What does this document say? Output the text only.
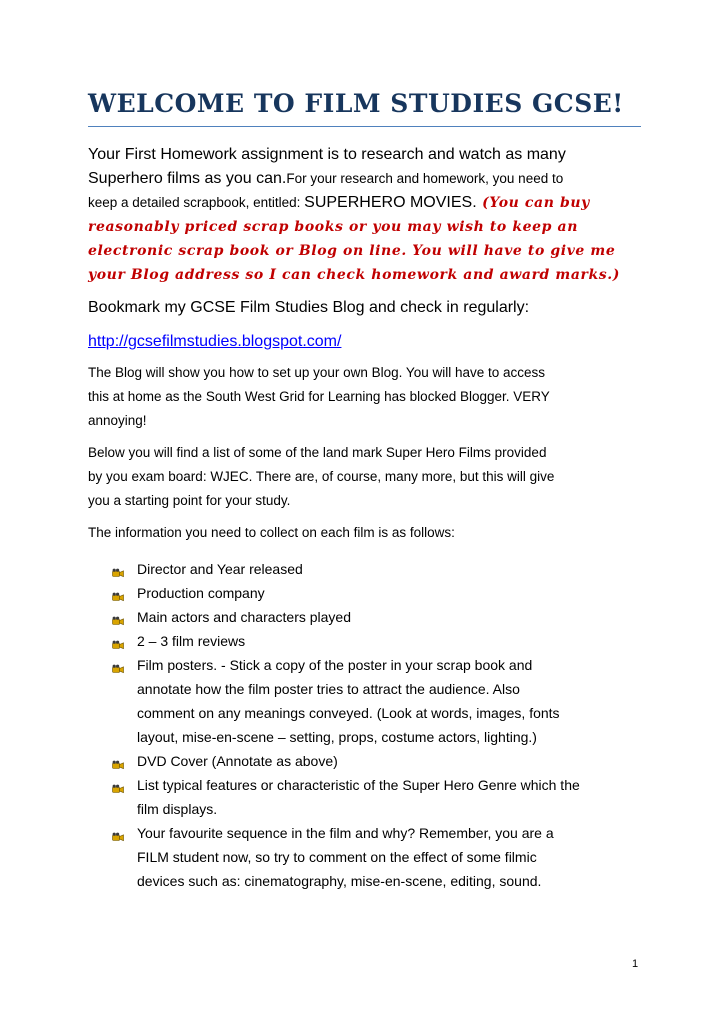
WELCOME TO FILM STUDIES GCSE!
Your First Homework assignment is to research and watch as many
Superhero films as you can.For your research and homework, you need to
keep a detailed scrapbook, entitled: SUPERHERO MOVIES. (You can buy
reasonably priced scrap books or you may wish to keep an
electronic scrap book or Blog on line. You will have to give me
your Blog address so I can check homework and award marks.)
Bookmark my GCSE Film Studies Blog and check in regularly:
http://gcsefilmstudies.blogspot.com/
The Blog will show you how to set up your own Blog. You will have to access
this at home as the South West Grid for Learning has blocked Blogger. VERY
annoying!
Below you will find a list of some of the land mark Super Hero Films provided
by you exam board: WJEC. There are, of course, many more, but this will give
you a starting point for your study.
The information you need to collect on each film is as follows:
Director and Year released
Production company
Main actors and characters played
2 – 3 film reviews
Film posters. - Stick a copy of the poster in your scrap book and
annotate how the film poster tries to attract the audience. Also
comment on any meanings conveyed. (Look at words, images, fonts
layout, mise-en-scene – setting, props, costume actors, lighting.)
DVD Cover (Annotate as above)
List typical features or characteristic of the Super Hero Genre which the
film displays.
Your favourite sequence in the film and why? Remember, you are a
FILM student now, so try to comment on the effect of some filmic
devices such as: cinematography, mise-en-scene, editing, sound.
1
